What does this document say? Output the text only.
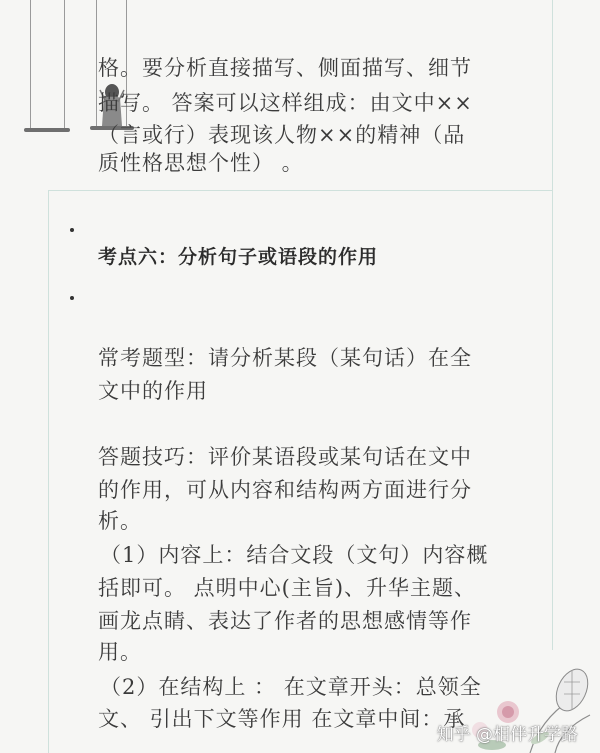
格。要分析直接描写、侧面描写、细节
描写。 答案可以这样组成：由文中××
（言或行）表现该人物××的精神（品
质性格思想个性） 。
考点六：分析句子或语段的作用
常考题型：请分析某段（某句话）在全
文中的作用
答题技巧：评价某语段或某句话在文中
的作用，可从内容和结构两方面进行分
析。
（1）内容上：结合文段（文句）内容概
括即可。 点明中心(主旨)、升华主题、
画龙点睛、表达了作者的思想感情等作
用。
（2）在结构上 ： 在文章开头：总领全
文、 引出下文等作用 在文章中间：承
知乎 @相伴升学路
